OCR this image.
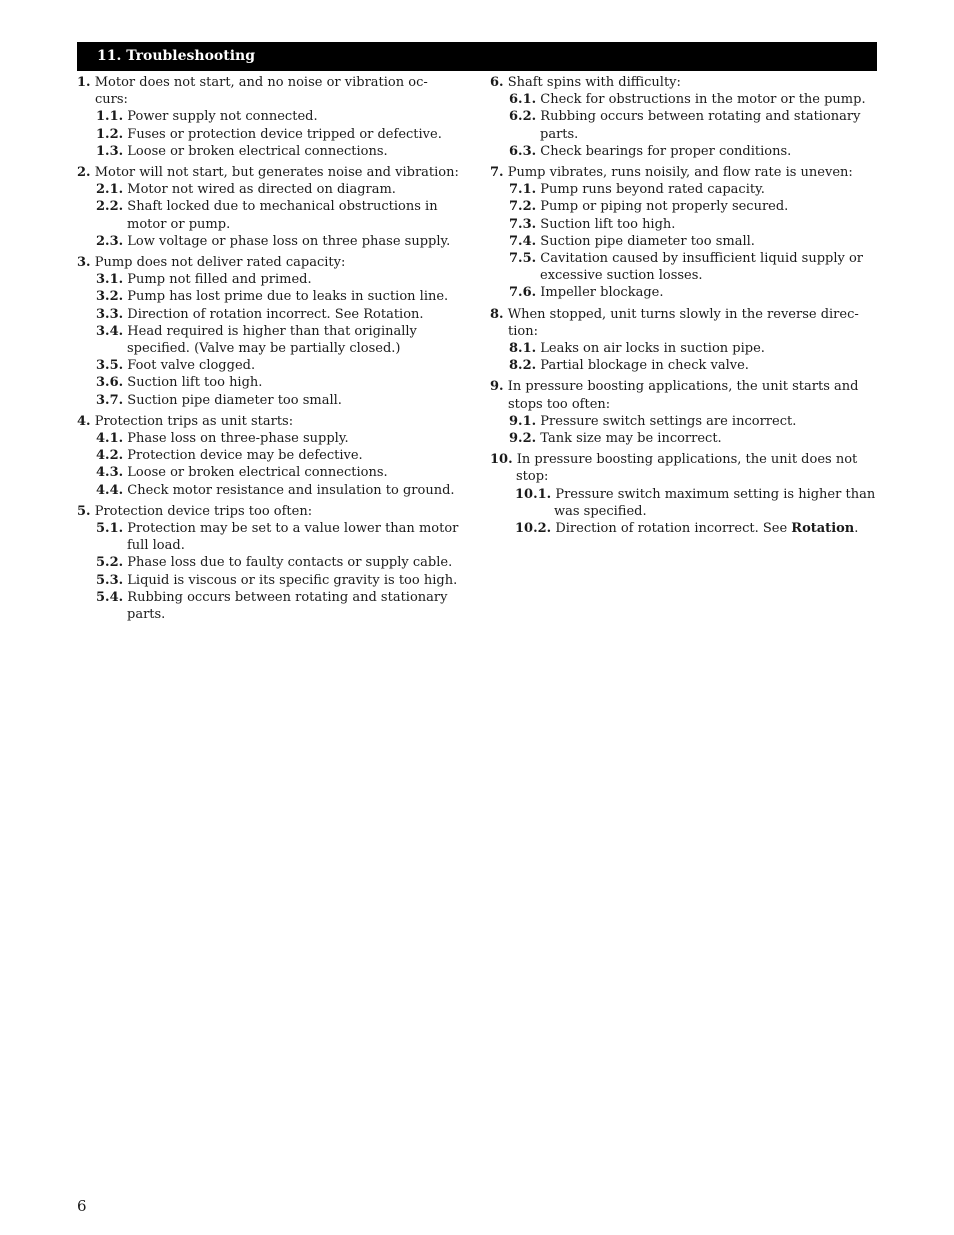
11. Troubleshooting
1. Motor does not start, and no noise or vibration oc-
curs:
1.1. Power supply not connected.
1.2. Fuses or protection device tripped or defective.
1.3. Loose or broken electrical connections.
2. Motor will not start, but generates noise and vibration:
2.1. Motor not wired as directed on diagram.
2.2. Shaft locked due to mechanical obstructions in
motor or pump.
2.3. Low voltage or phase loss on three phase supply.
3. Pump does not deliver rated capacity:
3.1. Pump not filled and primed.
3.2. Pump has lost prime due to leaks in suction line.
3.3. Direction of rotation incorrect. See Rotation.
3.4. Head required is higher than that originally
specified. (Valve may be partially closed.)
3.5. Foot valve clogged.
3.6. Suction lift too high.
3.7. Suction pipe diameter too small.
4. Protection trips as unit starts:
4.1. Phase loss on three-phase supply.
4.2. Protection device may be defective.
4.3. Loose or broken electrical connections.
4.4. Check motor resistance and insulation to ground.
5. Protection device trips too often:
5.1. Protection may be set to a value lower than motor
full load.
5.2. Phase loss due to faulty contacts or supply cable.
5.3. Liquid is viscous or its specific gravity is too high.
5.4. Rubbing occurs between rotating and stationary
parts.
6. Shaft spins with difficulty:
6.1. Check for obstructions in the motor or the pump.
6.2. Rubbing occurs between rotating and stationary
parts.
6.3. Check bearings for proper conditions.
7. Pump vibrates, runs noisily, and flow rate is uneven:
7.1. Pump runs beyond rated capacity.
7.2. Pump or piping not properly secured.
7.3. Suction lift too high.
7.4. Suction pipe diameter too small.
7.5. Cavitation caused by insufficient liquid supply or
excessive suction losses.
7.6. Impeller blockage.
8. When stopped, unit turns slowly in the reverse direc-
tion:
8.1. Leaks on air locks in suction pipe.
8.2. Partial blockage in check valve.
9. In pressure boosting applications, the unit starts and
stops too often:
9.1. Pressure switch settings are incorrect.
9.2. Tank size may be incorrect.
10. In pressure boosting applications, the unit does not
stop:
10.1. Pressure switch maximum setting is higher than
was specified.
10.2. Direction of rotation incorrect. See Rotation.
6
